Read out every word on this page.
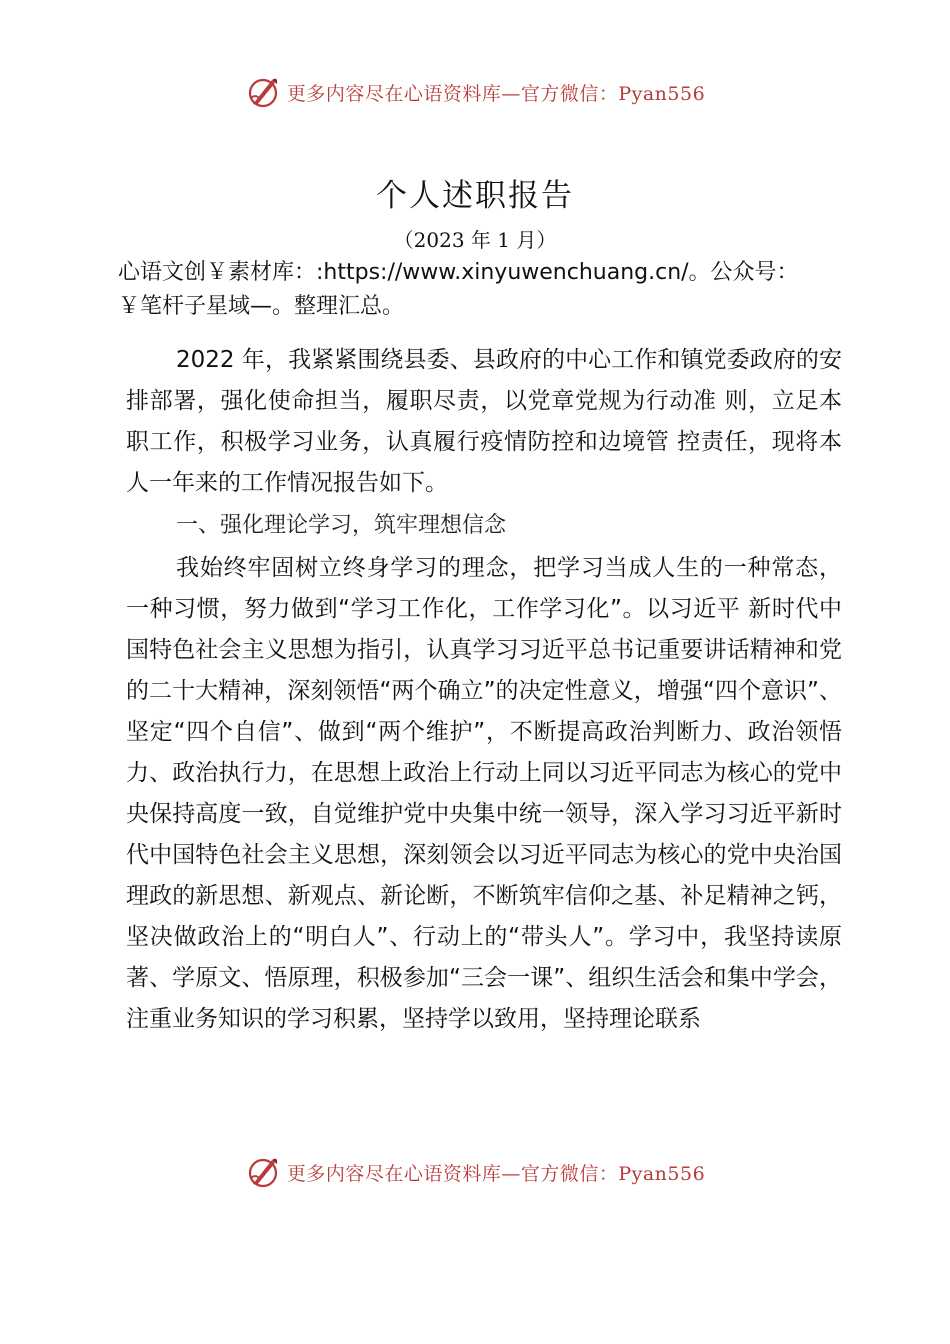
更多内容尽在心语资料库—官方微信：Pyan556
个人述职报告
（2023 年 1 月）
心语文创￥素材库：:https://www.xinyuwenchuang.cn/。公众号：￥笔杆子星域—。整理汇总。

2022 年，我紧紧围绕县委、县政府的中心工作和镇党委政府的安排部署，强化使命担当，履职尽责，以党章党规为行动准 则，立足本职工作，积极学习业务，认真履行疫情防控和边境管 控责任，现将本人一年来的工作情况报告如下。

一、强化理论学习，筑牢理想信念

我始终牢固树立终身学习的理念，把学习当成人生的一种常态，一种习惯，努力做到“学习工作化，工作学习化”。以习近平 新时代中国特色社会主义思想为指引，认真学习习近平总书记重要讲话精神和党的二十大精神，深刻领悟“两个确立”的决定性意义，增强“四个意识”、坚定“四个自信”、做到“两个维护”，不断提高政治判断力、政治领悟力、政治执行力，在思想上政治上行动上同以习近平同志为核心的党中央保持高度一致，自觉维护党中央集中统一领导，深入学习习近平新时代中国特色社会主义思想，深刻领会以习近平同志为核心的党中央治国理政的新思想、新观点、新论断，不断筑牢信仰之基、补足精神之钙，坚决做政治上的“明白人”、行动上的“带头人”。学习中，我坚持读原著、学原文、悟原理，积极参加“三会一课”、组织生活会和集中学会，注重业务知识的学习积累，坚持学以致用，坚持理论联系

更多内容尽在心语资料库—官方微信：Pyan556
